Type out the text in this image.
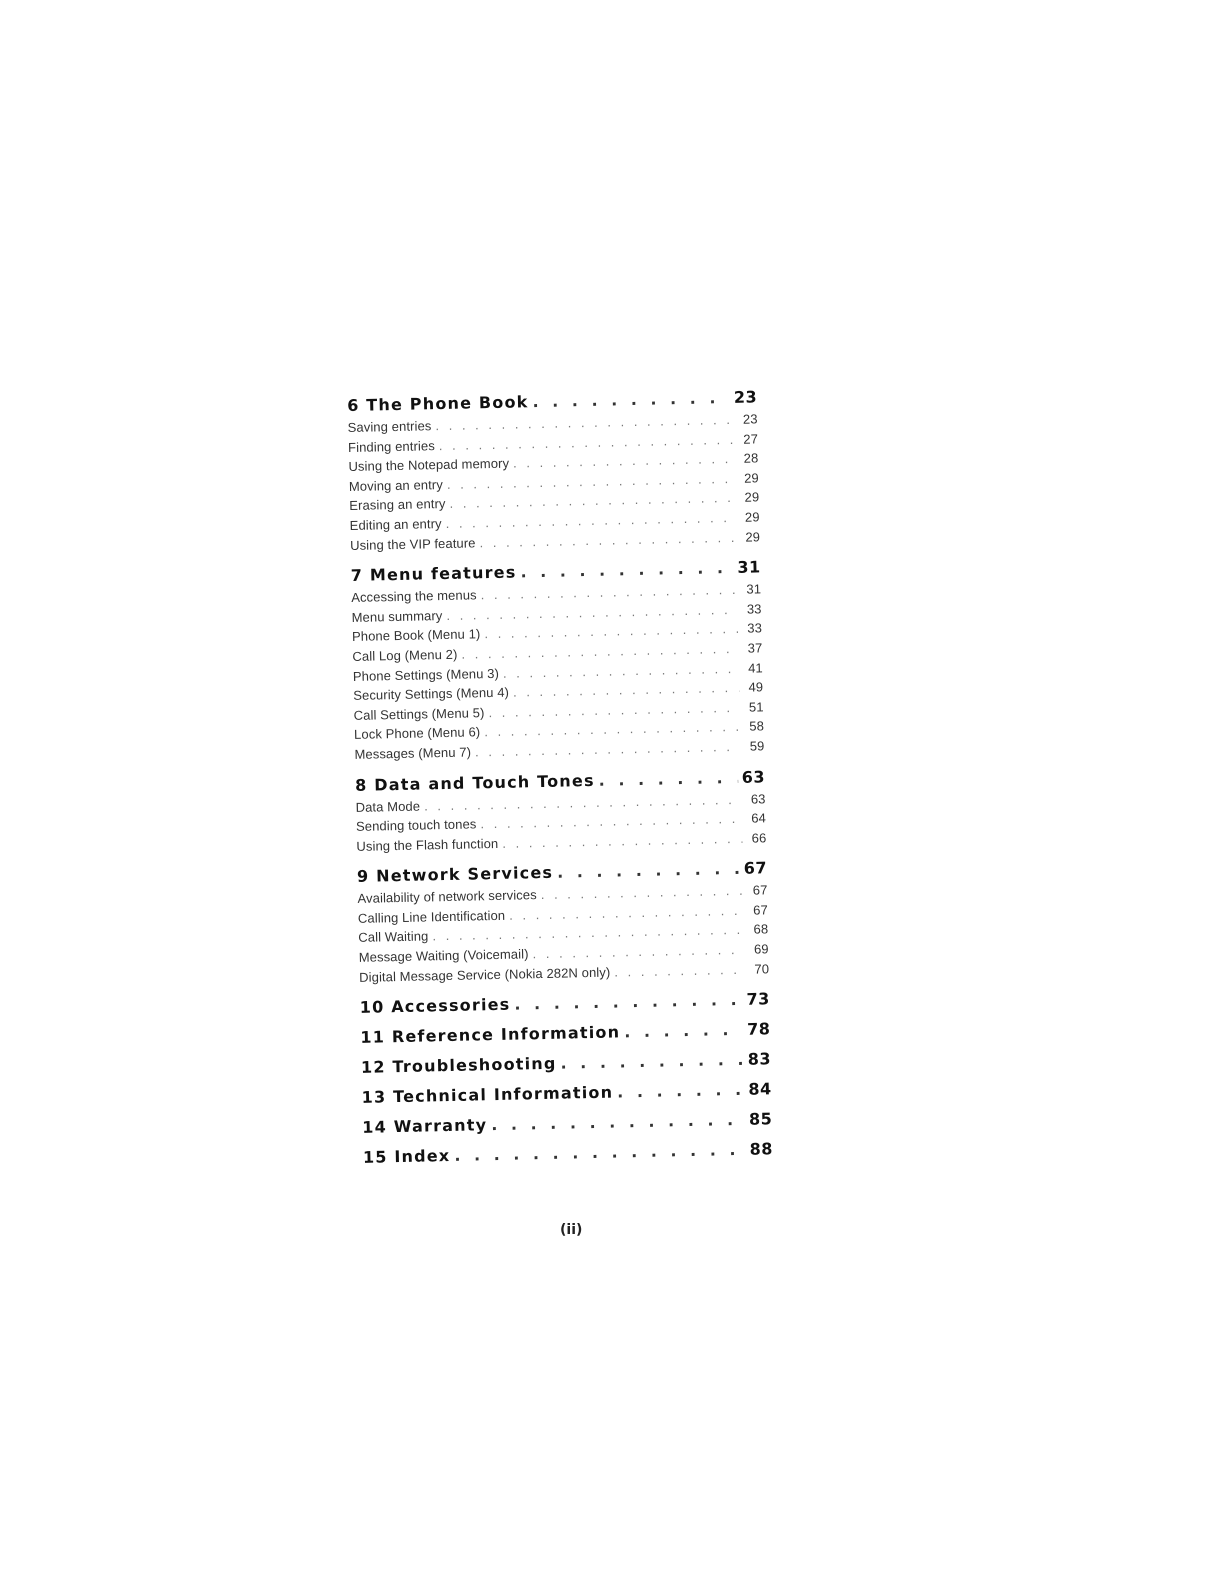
6 The Phone Book . . .	23
Saving entries . . .	23
Finding entries . . .	27
Using the Notepad memory . . .	28
Moving an entry . . .	29
Erasing an entry . . .	29
Editing an entry . . .	29
Using the VIP feature . . .	29
7 Menu features . . .	31
Accessing the menus . . .	31
Menu summary . . .	33
Phone Book (Menu 1) . . .	33
Call Log (Menu 2) . . .	37
Phone Settings (Menu 3) . . .	41
Security Settings (Menu 4) . . .	49
Call Settings (Menu 5) . . .	51
Lock Phone (Menu 6) . . .	58
Messages (Menu 7) . . .	59
8 Data and Touch Tones . . .	63
Data Mode . . .	63
Sending touch tones . . .	64
Using the Flash function . . .	66
9 Network Services . . .	67
Availability of network services . . .	67
Calling Line Identification . . .	67
Call Waiting . . .	68
Message Waiting (Voicemail) . . .	69
Digital Message Service (Nokia 282N only) . . .	70
10 Accessories . . .	73
11 Reference Information . . .	78
12 Troubleshooting . . .	83
13 Technical Information . . .	84
14 Warranty . . .	85
15 Index . . .	88
(ii)
